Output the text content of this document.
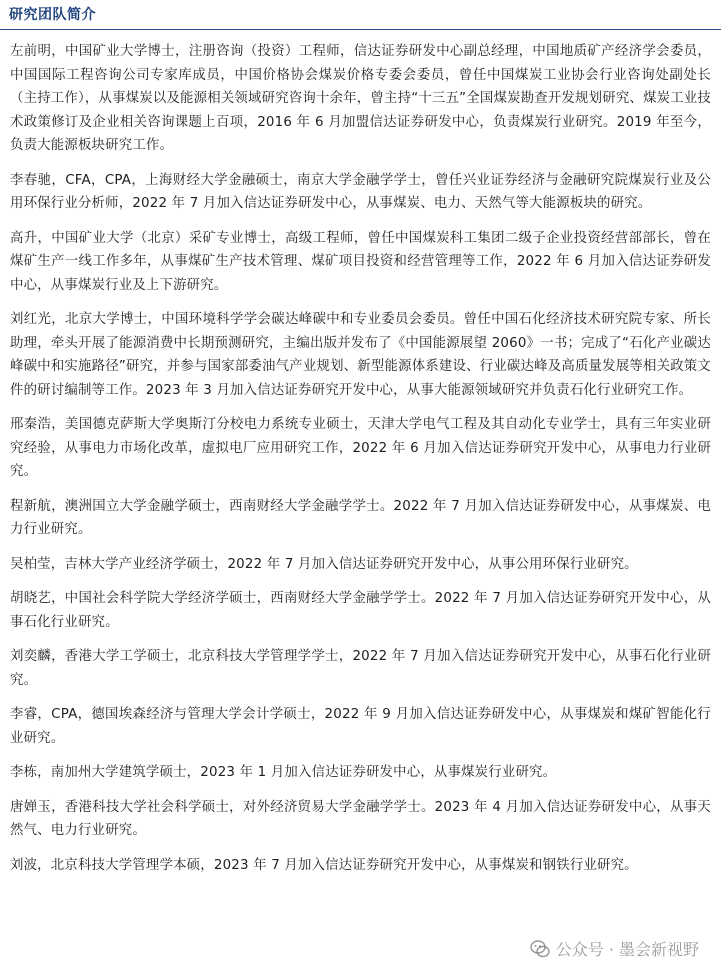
研究团队简介

左前明，中国矿业大学博士，注册咨询（投资）工程师，信达证券研发中心副总经理，中国地质矿产经济学会委员，中国国际工程咨询公司专家库成员，中国价格协会煤炭价格专委会委员，曾任中国煤炭工业协会行业咨询处副处长（主持工作），从事煤炭以及能源相关领域研究咨询十余年，曾主持“十三五”全国煤炭勘查开发规划研究、煤炭工业技术政策修订及企业相关咨询课题上百项，2016 年 6 月加盟信达证券研发中心，负责煤炭行业研究。2019 年至今，负责大能源板块研究工作。

李春驰，CFA，CPA，上海财经大学金融硕士，南京大学金融学学士，曾任兴业证券经济与金融研究院煤炭行业及公用环保行业分析师，2022 年 7 月加入信达证券研发中心，从事煤炭、电力、天然气等大能源板块的研究。

高升，中国矿业大学（北京）采矿专业博士，高级工程师，曾任中国煤炭科工集团二级子企业投资经营部部长，曾在煤矿生产一线工作多年，从事煤矿生产技术管理、煤矿项目投资和经营管理等工作，2022 年 6 月加入信达证券研发中心，从事煤炭行业及上下游研究。

刘红光，北京大学博士，中国环境科学学会碳达峰碳中和专业委员会委员。曾任中国石化经济技术研究院专家、所长助理，牵头开展了能源消费中长期预测研究，主编出版并发布了《中国能源展望 2060》一书；完成了“石化产业碳达峰碳中和实施路径”研究，并参与国家部委油气产业规划、新型能源体系建设、行业碳达峰及高质量发展等相关政策文件的研讨编制等工作。2023 年 3 月加入信达证券研究开发中心，从事大能源领域研究并负责石化行业研究工作。

邢秦浩，美国德克萨斯大学奥斯汀分校电力系统专业硕士，天津大学电气工程及其自动化专业学士，具有三年实业研究经验，从事电力市场化改革，虚拟电厂应用研究工作，2022 年 6 月加入信达证券研究开发中心，从事电力行业研究。

程新航，澳洲国立大学金融学硕士，西南财经大学金融学学士。2022 年 7 月加入信达证券研发中心，从事煤炭、电力行业研究。

吴柏莹，吉林大学产业经济学硕士，2022 年 7 月加入信达证券研究开发中心，从事公用环保行业研究。

胡晓艺，中国社会科学院大学经济学硕士，西南财经大学金融学学士。2022 年 7 月加入信达证券研究开发中心，从事石化行业研究。

刘奕麟，香港大学工学硕士，北京科技大学管理学学士，2022 年 7 月加入信达证券研究开发中心，从事石化行业研究。

李睿，CPA，德国埃森经济与管理大学会计学硕士，2022 年 9 月加入信达证券研发中心，从事煤炭和煤矿智能化行业研究。

李栋，南加州大学建筑学硕士，2023 年 1 月加入信达证券研发中心，从事煤炭行业研究。

唐婵玉，香港科技大学社会科学硕士，对外经济贸易大学金融学学士。2023 年 4 月加入信达证券研发中心，从事天然气、电力行业研究。

刘波，北京科技大学管理学本硕，2023 年 7 月加入信达证券研究开发中心，从事煤炭和钢铁行业研究。

公众号 · 墨会新视野
